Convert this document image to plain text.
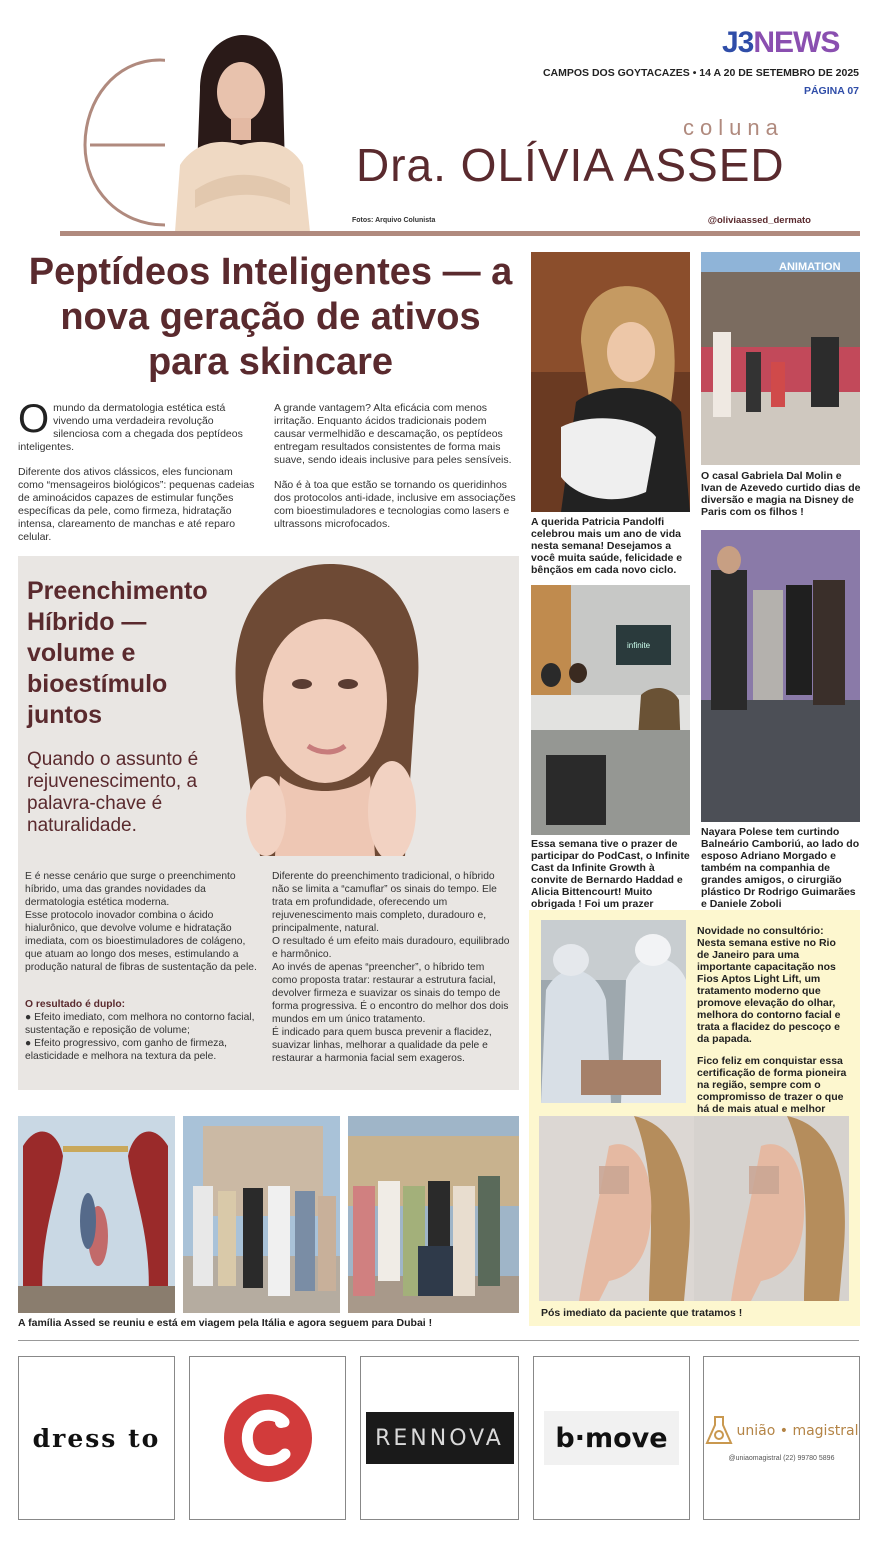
J3NEWS
CAMPOS DOS GOYTACAZES • 14 A 20 DE SETEMBRO DE 2025
PÁGINA 07
coluna
Dra. OLÍVIA ASSED
Fotos: Arquivo Colunista	@oliviaassed_dermato
Peptídeos Inteligentes — a nova geração de ativos para skincare
O mundo da dermatologia estética está vivendo uma verdadeira revolução silenciosa com a chegada dos peptídeos inteligentes.

Diferente dos ativos clássicos, eles funcionam como “mensageiros biológicos”: pequenas cadeias de aminoácidos capazes de estimular funções específicas da pele, como firmeza, hidratação intensa, clareamento de manchas e até reparo celular.

A grande vantagem? Alta eficácia com menos irritação. Enquanto ácidos tradicionais podem causar vermelhidão e descamação, os peptídeos entregam resultados consistentes de forma mais suave, sendo ideais inclusive para peles sensíveis.

Não é à toa que estão se tornando os queridinhos dos protocolos anti-idade, inclusive em associações com bioestimuladores e tecnologias como lasers e ultrassons microfocados.

Preenchimento Híbrido — volume e bioestímulo juntos
Quando o assunto é rejuvenescimento, a palavra-chave é naturalidade.

E é nesse cenário que surge o preenchimento híbrido, uma das grandes novidades da dermatologia estética moderna.

Esse protocolo inovador combina o ácido hialurônico, que devolve volume e hidratação imediata, com os bioestimuladores de colágeno, que atuam ao longo dos meses, estimulando a produção natural de fibras de sustentação da pele.

O resultado é duplo:

● Efeito imediato, com melhora no contorno facial, sustentação e reposição de volume;

● Efeito progressivo, com ganho de firmeza, elasticidade e melhora na textura da pele.

Diferente do preenchimento tradicional, o híbrido não se limita a “camuflar” os sinais do tempo. Ele trata em profundidade, oferecendo um rejuvenescimento mais completo, duradouro e, principalmente, natural.

O resultado é um efeito mais duradouro, equilibrado e harmônico.

Ao invés de apenas “preencher”, o híbrido tem como proposta tratar: restaurar a estrutura facial, devolver firmeza e suavizar os sinais do tempo de forma progressiva. É o encontro do melhor dos dois mundos em um único tratamento.

É indicado para quem busca prevenir a flacidez, suavizar linhas, melhorar a qualidade da pele e restaurar a harmonia facial sem exageros.

A querida Patricia Pandolfi celebrou mais um ano de vida nesta semana! Desejamos a você muita saúde, felicidade e bênçãos em cada novo ciclo.
ANIMATION
O casal Gabriela Dal Molin e Ivan de Azevedo curtido dias de diversão e magia na Disney de Paris com os filhos !
infinite
Essa semana tive o prazer de participar do PodCast, o Infinite Cast da Infinite Growth à convite de Bernardo Haddad e Alicia Bittencourt! Muito obrigada ! Foi um prazer
Nayara Polese tem curtindo Balneário Camboriú, ao lado do esposo Adriano Morgado e também na companhia de grandes amigos, o cirurgião plástico Dr Rodrigo Guimarães e Daniele Zoboli

Novidade no consultório: Nesta semana estive no Rio de Janeiro para uma importante capacitação nos Fios Aptos Light Lift, um tratamento moderno que promove elevação do olhar, melhora do contorno facial e trata a flacidez do pescoço e da papada.

Fico feliz em conquistar essa certificação de forma pioneira na região, sempre com o compromisso de trazer o que há de mais atual e melhor

Pós imediato da paciente que tratamos !
A família Assed se reuniu e está em viagem pela Itália e agora seguem para Dubai !
dress to	RENNOVA b·move	união • magistral
@uniaomagistral (22) 99780 5896
